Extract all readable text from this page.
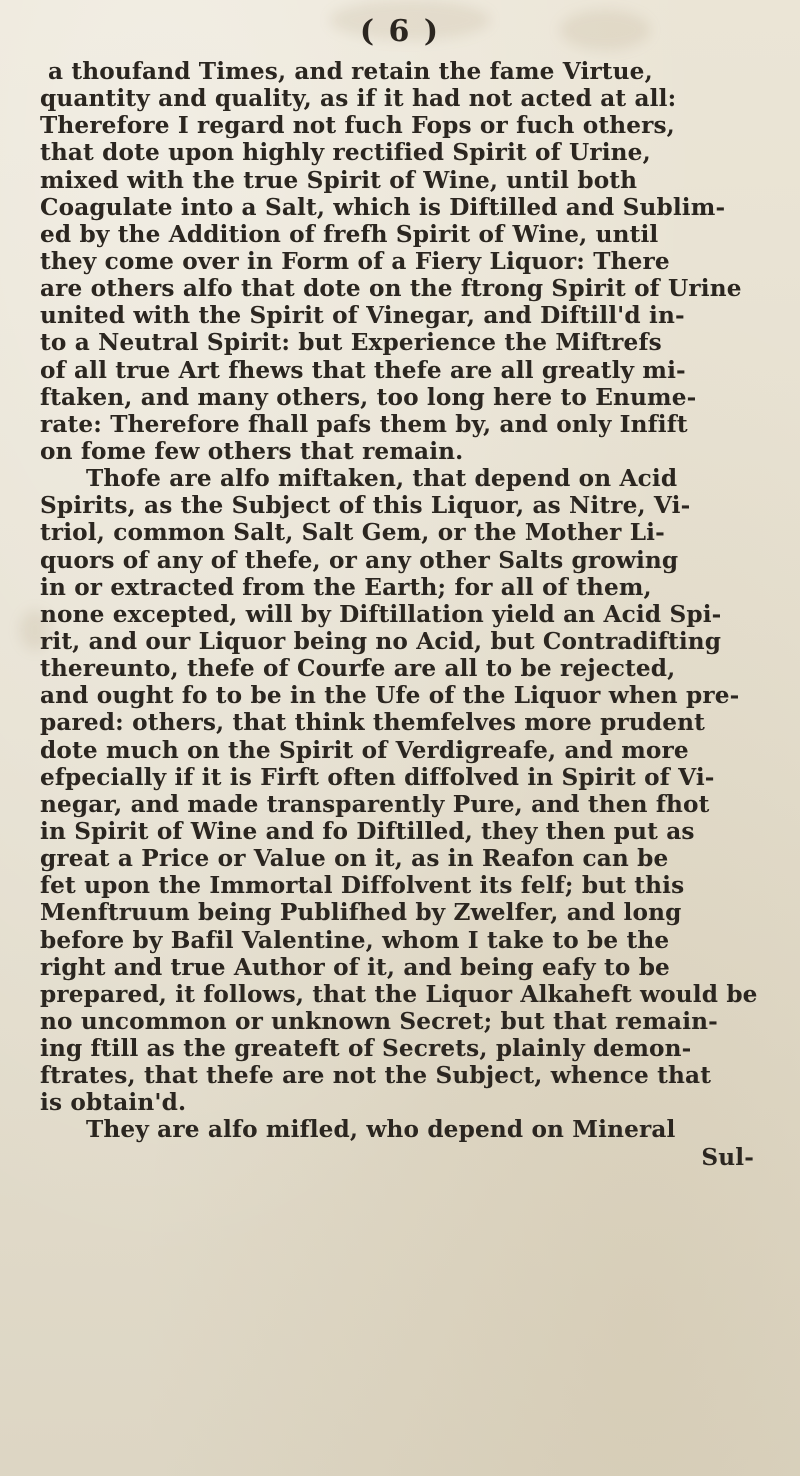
( 6 )
a thoufand Times, and retain the fame Virtue,
quantity and quality, as if it had not acted at all:
Therefore I regard not fuch Fops or fuch others,
that dote upon highly rectified Spirit of Urine,
mixed with the true Spirit of Wine, until both
Coagulate into a Salt, which is Diftilled and Sublim-
ed by the Addition of frefh Spirit of Wine, until
they come over in Form of a Fiery Liquor: There
are others alfo that dote on the ftrong Spirit of Urine
united with the Spirit of Vinegar, and Diftill'd in-
to a Neutral Spirit: but Experience the Miftrefs
of all true Art fhews that thefe are all greatly mi-
ftaken, and many others, too long here to Enume-
rate: Therefore fhall pafs them by, and only Infift
on fome few others that remain.
Thofe are alfo miftaken, that depend on Acid
Spirits, as the Subject of this Liquor, as Nitre, Vi-
triol, common Salt, Salt Gem, or the Mother Li-
quors of any of thefe, or any other Salts growing
in or extracted from the Earth; for all of them,
none excepted, will by Diftillation yield an Acid Spi-
rit, and our Liquor being no Acid, but Contradifting
thereunto, thefe of Courfe are all to be rejected,
and ought fo to be in the Ufe of the Liquor when pre-
pared: others, that think themfelves more prudent
dote much on the Spirit of Verdigreafe, and more
efpecially if it is Firft often diffolved in Spirit of Vi-
negar, and made transparently Pure, and then fhot
in Spirit of Wine and fo Diftilled, they then put as
great a Price or Value on it, as in Reafon can be
fet upon the Immortal Diffolvent its felf; but this
Menftruum being Publifhed by Zwelfer, and long
before by Bafil Valentine, whom I take to be the
right and true Author of it, and being eafy to be
prepared, it follows, that the Liquor Alkaheft would be
no uncommon or unknown Secret; but that remain-
ing ftill as the greateft of Secrets, plainly demon-
ftrates, that thefe are not the Subject, whence that
is obtain'd.
They are alfo mifled, who depend on Mineral
Sul-
